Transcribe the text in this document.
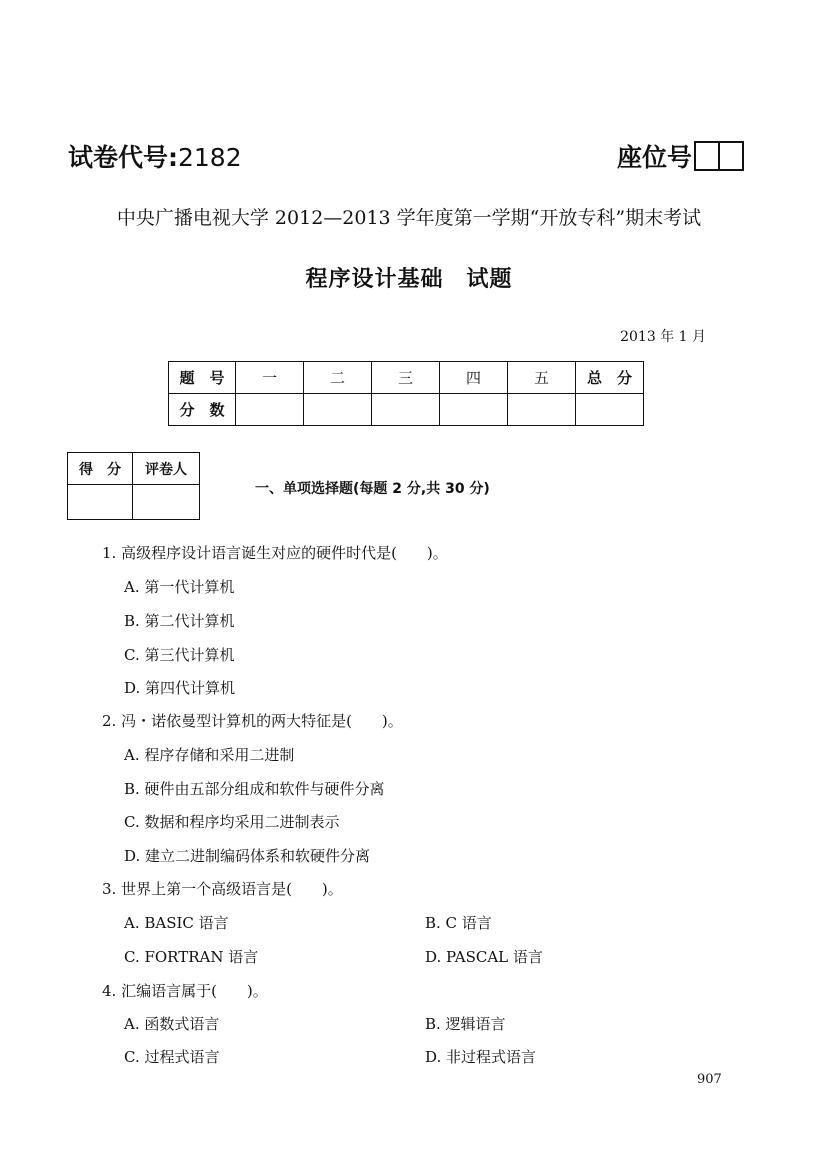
试卷代号:2182	座位号
中央广播电视大学 2012—2013 学年度第一学期“开放专科”期末考试
程序设计基础　试题
2013 年 1 月
题　号	一	二	三	四	五	总　分
分　数						
得　分	评卷人

一、单项选择题(每题 2 分,共 30 分)
1. 高级程序设计语言诞生对应的硬件时代是(　　)。
A. 第一代计算机
B. 第二代计算机
C. 第三代计算机
D. 第四代计算机
2. 冯・诺依曼型计算机的两大特征是(　　)。
A. 程序存储和采用二进制
B. 硬件由五部分组成和软件与硬件分离
C. 数据和程序均采用二进制表示
D. 建立二进制编码体系和软硬件分离
3. 世界上第一个高级语言是(　　)。
A. BASIC 语言	B. C 语言
C. FORTRAN 语言	D. PASCAL 语言
4. 汇编语言属于(　　)。
A. 函数式语言	B. 逻辑语言
C. 过程式语言	D. 非过程式语言
907
